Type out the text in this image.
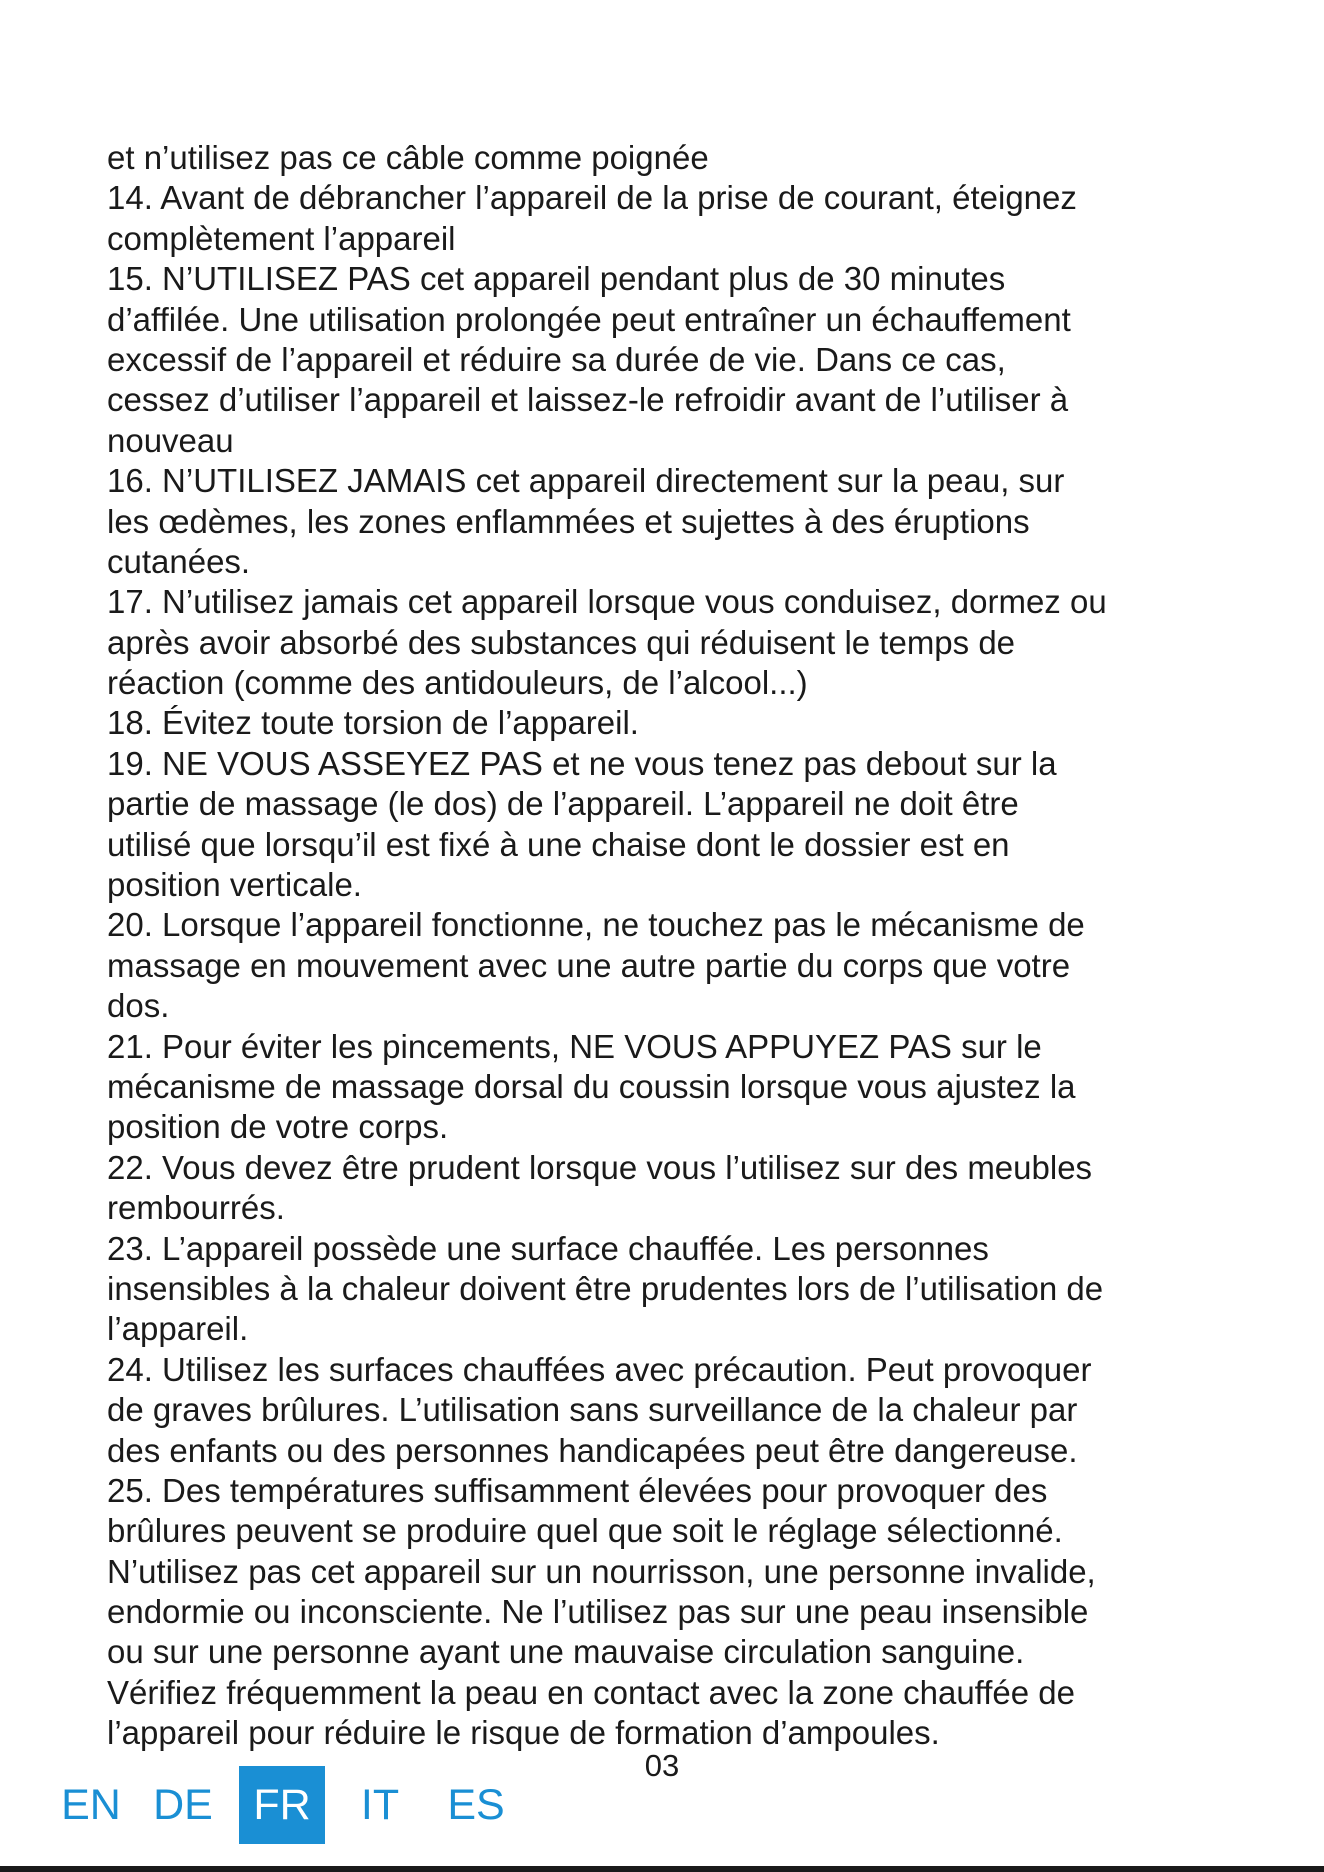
et n’utilisez pas ce câble comme poignée
14. Avant de débrancher l’appareil de la prise de courant, éteignez
complètement l’appareil
15. N’UTILISEZ PAS cet appareil pendant plus de 30 minutes
d’affilée. Une utilisation prolongée peut entraîner un échauffement
excessif de l’appareil et réduire sa durée de vie. Dans ce cas,
cessez d’utiliser l’appareil et laissez-le refroidir avant de l’utiliser à
nouveau
16. N’UTILISEZ JAMAIS cet appareil directement sur la peau, sur
les œdèmes, les zones enflammées et sujettes à des éruptions
cutanées.
17. N’utilisez jamais cet appareil lorsque vous conduisez, dormez ou
après avoir absorbé des substances qui réduisent le temps de
réaction (comme des antidouleurs, de l’alcool...)
18. Évitez toute torsion de l’appareil.
19. NE VOUS ASSEYEZ PAS et ne vous tenez pas debout sur la
partie de massage (le dos) de l’appareil. L’appareil ne doit être
utilisé que lorsqu’il est fixé à une chaise dont le dossier est en
position verticale.
20. Lorsque l’appareil fonctionne, ne touchez pas le mécanisme de
massage en mouvement avec une autre partie du corps que votre
dos.
21. Pour éviter les pincements, NE VOUS APPUYEZ PAS sur le
mécanisme de massage dorsal du coussin lorsque vous ajustez la
position de votre corps.
22. Vous devez être prudent lorsque vous l’utilisez sur des meubles
rembourrés.
23. L’appareil possède une surface chauffée. Les personnes
insensibles à la chaleur doivent être prudentes lors de l’utilisation de
l’appareil.
24. Utilisez les surfaces chauffées avec précaution. Peut provoquer
de graves brûlures. L’utilisation sans surveillance de la chaleur par
des enfants ou des personnes handicapées peut être dangereuse.
25. Des températures suffisamment élevées pour provoquer des
brûlures peuvent se produire quel que soit le réglage sélectionné.
N’utilisez pas cet appareil sur un nourrisson, une personne invalide,
endormie ou inconsciente. Ne l’utilisez pas sur une peau insensible
ou sur une personne ayant une mauvaise circulation sanguine.
Vérifiez fréquemment la peau en contact avec la zone chauffée de
l’appareil pour réduire le risque de formation d’ampoules.
03
EN DE FR	IT	ES
